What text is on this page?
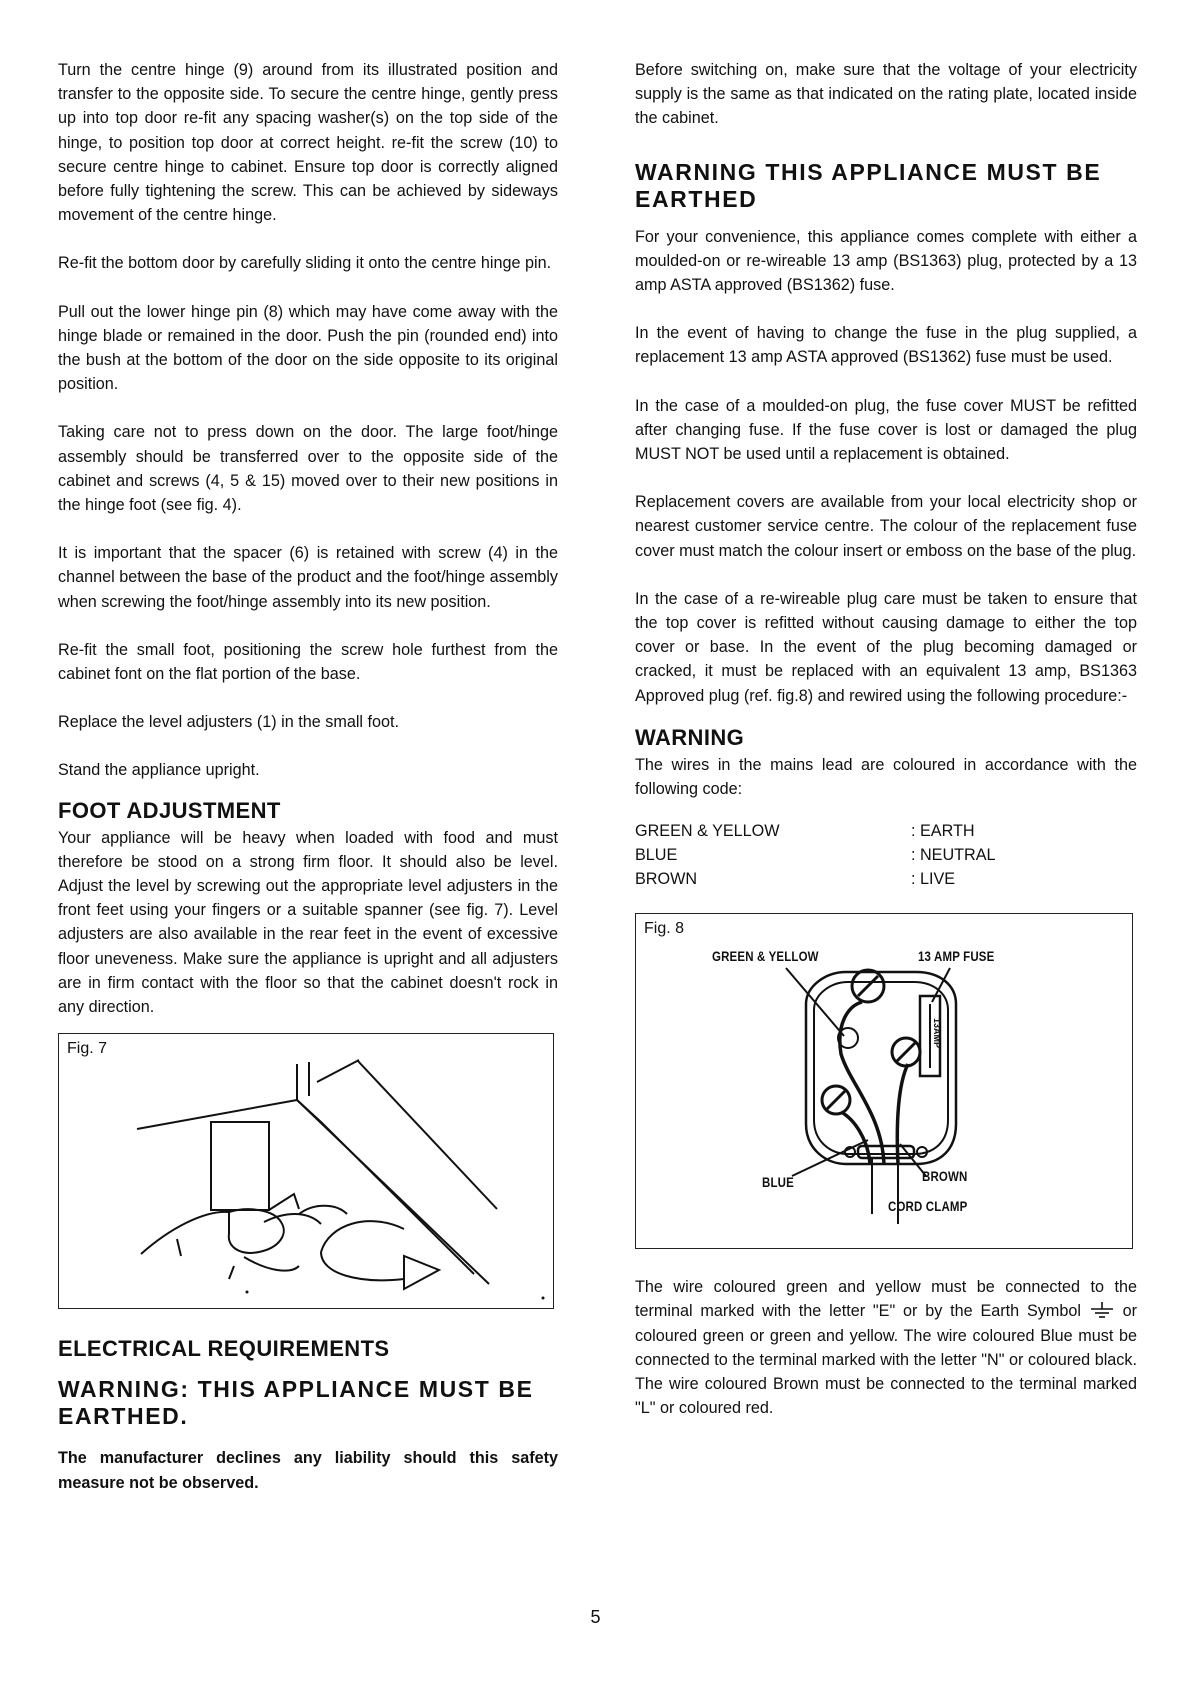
Turn the centre hinge (9) around from its illustrated position and transfer to the opposite side. To secure the centre hinge, gently press up into top door re-fit any spacing washer(s) on the top side of the hinge, to position top door at correct height. re-fit the screw (10) to secure centre hinge to cabinet. Ensure top door is correctly aligned before fully tightening the screw. This can be achieved by sideways movement of the centre hinge.

Re-fit the bottom door by carefully sliding it onto the centre hinge pin.

Pull out the lower hinge pin (8) which may have come away with the hinge blade or remained in the door. Push the pin (rounded end) into the bush at the bottom of the door on the side opposite to its original position.

Taking care not to press down on the door. The large foot/hinge assembly should be transferred over to the opposite side of the cabinet and screws (4, 5 & 15) moved over to their new positions in the hinge foot (see fig. 4).

It is important that the spacer (6) is retained with screw (4) in the channel between the base of the product and the foot/hinge assembly when screwing the foot/hinge assembly into its new position.

Re-fit the small foot, positioning the screw hole furthest from the cabinet font on the flat portion of the base.

Replace the level adjusters (1) in the small foot.

Stand the appliance upright.

FOOT ADJUSTMENT

Your appliance will be heavy when loaded with food and must therefore be stood on a strong firm floor. It should also be level. Adjust the level by screwing out the appropriate level adjusters in the front feet using your fingers or a suitable spanner (see fig. 7). Level adjusters are also available in the rear feet in the event of excessive floor uneveness. Make sure the appliance is upright and all adjusters are in firm contact with the floor so that the cabinet doesn't rock in any direction.

Fig. 7
ELECTRICAL REQUIREMENTS
WARNING: THIS APPLIANCE MUST BE EARTHED.

The manufacturer declines any liability should this safety measure not be observed.

Before switching on, make sure that the voltage of your electricity supply is the same as that indicated on the rating plate, located inside the cabinet.

WARNING THIS APPLIANCE MUST BE EARTHED

For your convenience, this appliance comes complete with either a moulded-on or re-wireable 13 amp (BS1363) plug, protected by a 13 amp ASTA approved (BS1362) fuse.

In the event of having to change the fuse in the plug supplied, a replacement 13 amp ASTA approved (BS1362) fuse must be used.

In the case of a moulded-on plug, the fuse cover MUST be refitted after changing fuse. If the fuse cover is lost or damaged the plug MUST NOT be used until a replacement is obtained.

Replacement covers are available from your local electricity shop or nearest customer service centre. The colour of the replacement fuse cover must match the colour insert or emboss on the base of the plug.

In the case of a re-wireable plug care must be taken to ensure that the top cover is refitted without causing damage to either the top cover or base. In the event of the plug becoming damaged or cracked, it must be replaced with an equivalent 13 amp, BS1363 Approved plug (ref. fig.8) and rewired using the following procedure:-

WARNING

The wires in the mains lead are coloured in accordance with the following code:

GREEN & YELLOW	: EARTH
BLUE	: NEUTRAL
BROWN	: LIVE
Fig. 8
GREEN & YELLOW	13 AMP FUSE
BLUE	BROWN
CORD CLAMP
13AMP

The wire coloured green and yellow must be connected to the terminal marked with the letter "E" or by the Earth Symbol	or coloured green or green and yellow. The wire coloured Blue must be connected to the terminal marked with the letter "N" or coloured black. The wire coloured Brown must be connected to the terminal marked "L" or coloured red.

5
